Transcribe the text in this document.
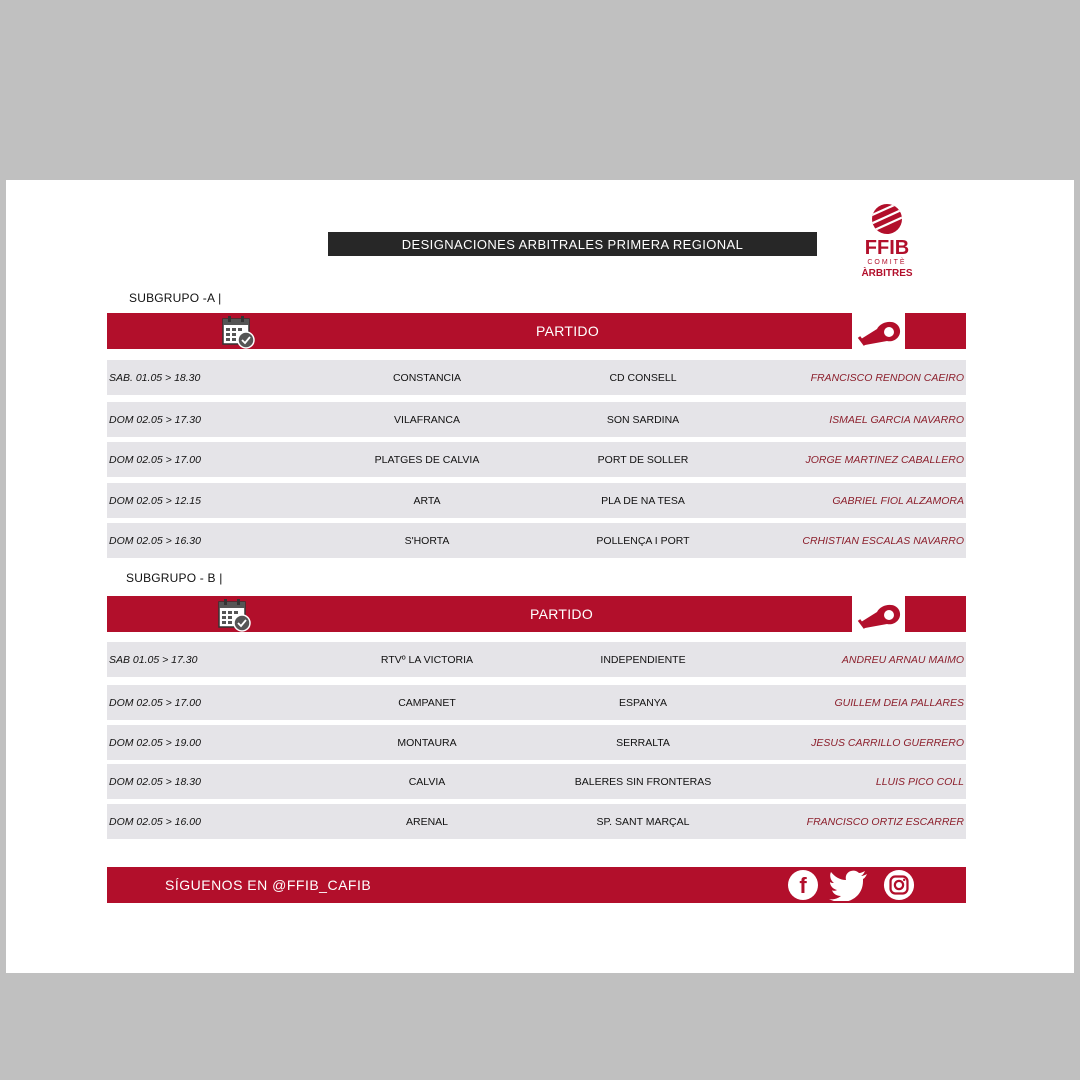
DESIGNACIONES ARBITRALES PRIMERA REGIONAL	FFIB
COMITÈ
ÀRBITRES
SUBGRUPO -A |
PARTIDO
SAB. 01.05 > 18.30	CONSTANCIA	CD CONSELL	FRANCISCO RENDON CAEIRO
DOM 02.05 > 17.30	VILAFRANCA	SON SARDINA	ISMAEL GARCIA NAVARRO
DOM 02.05 > 17.00	PLATGES DE CALVIA	PORT DE SOLLER	JORGE MARTINEZ CABALLERO
DOM 02.05 > 12.15	ARTA	PLA DE NA TESA	GABRIEL FIOL ALZAMORA
DOM 02.05 > 16.30	S'HORTA	POLLENÇA I PORT	CRHISTIAN ESCALAS NAVARRO
SUBGRUPO - B |
PARTIDO
SAB 01.05 > 17.30	RTVº LA VICTORIA	INDEPENDIENTE	ANDREU ARNAU MAIMO
DOM 02.05 > 17.00	CAMPANET	ESPANYA	GUILLEM DEIA PALLARES
DOM 02.05 > 19.00	MONTAURA	SERRALTA	JESUS CARRILLO GUERRERO
DOM 02.05 > 18.30	CALVIA	BALERES SIN FRONTERAS	LLUIS PICO COLL
DOM 02.05 > 16.00	ARENAL	SP. SANT MARÇAL	FRANCISCO ORTIZ ESCARRER
SÍGUENOS EN @FFIB_CAFIB	f
